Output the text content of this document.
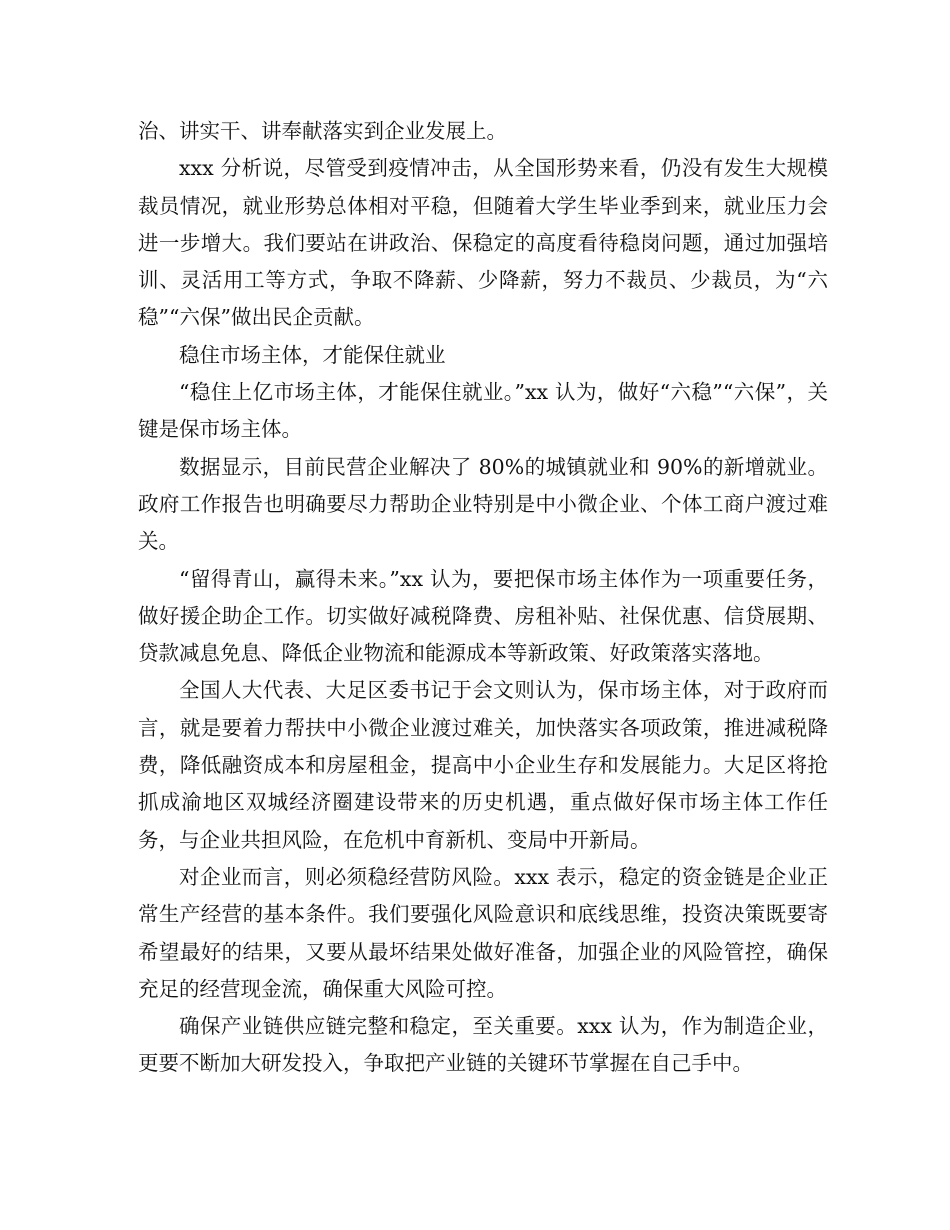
治、讲实干、讲奉献落实到企业发展上。

xxx 分析说，尽管受到疫情冲击，从全国形势来看，仍没有发生大规模裁员情况，就业形势总体相对平稳，但随着大学生毕业季到来，就业压力会进一步增大。我们要站在讲政治、保稳定的高度看待稳岗问题，通过加强培训、灵活用工等方式，争取不降薪、少降薪，努力不裁员、少裁员，为“六稳”“六保”做出民企贡献。

稳住市场主体，才能保住就业

“稳住上亿市场主体，才能保住就业。”xx 认为，做好“六稳”“六保”，关键是保市场主体。

数据显示，目前民营企业解决了 80%的城镇就业和 90%的新增就业。政府工作报告也明确要尽力帮助企业特别是中小微企业、个体工商户渡过难关。

“留得青山，赢得未来。”xx 认为，要把保市场主体作为一项重要任务，做好援企助企工作。切实做好减税降费、房租补贴、社保优惠、信贷展期、贷款减息免息、降低企业物流和能源成本等新政策、好政策落实落地。

全国人大代表、大足区委书记于会文则认为，保市场主体，对于政府而言，就是要着力帮扶中小微企业渡过难关，加快落实各项政策，推进减税降费，降低融资成本和房屋租金，提高中小企业生存和发展能力。大足区将抢抓成渝地区双城经济圈建设带来的历史机遇，重点做好保市场主体工作任务，与企业共担风险，在危机中育新机、变局中开新局。

对企业而言，则必须稳经营防风险。xxx 表示，稳定的资金链是企业正常生产经营的基本条件。我们要强化风险意识和底线思维，投资决策既要寄希望最好的结果，又要从最坏结果处做好准备，加强企业的风险管控，确保充足的经营现金流，确保重大风险可控。

确保产业链供应链完整和稳定，至关重要。xxx 认为，作为制造企业，更要不断加大研发投入，争取把产业链的关键环节掌握在自己手中。
